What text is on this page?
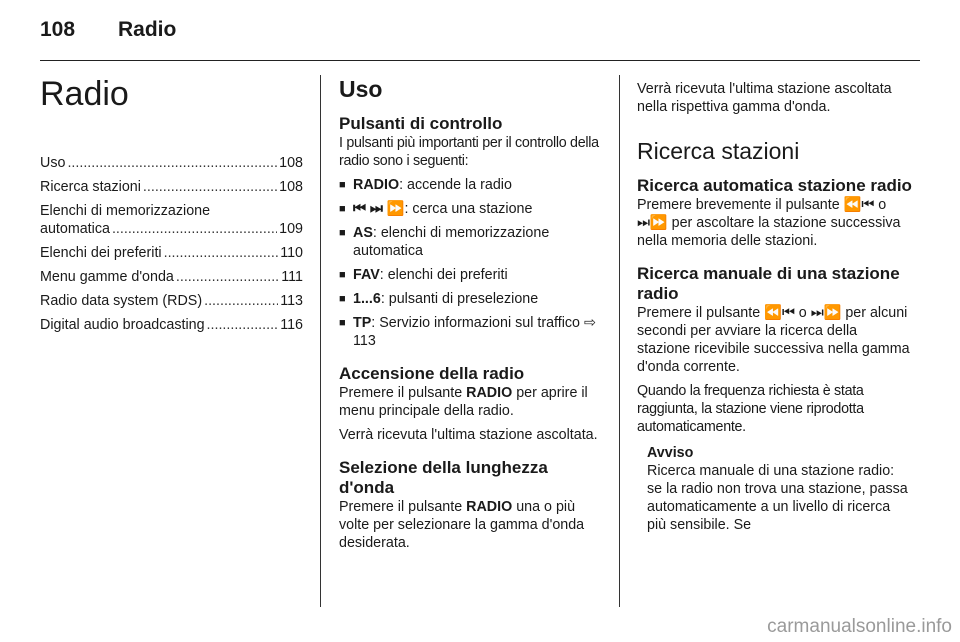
108 Radio
Radio
Uso .....	108
Ricerca stazioni .....	108
Elenchi di memorizzazione
automatica .....	109
Elenchi dei preferiti .....	110
Menu gamme d'onda .....	111
Radio data system (RDS) .....	113
Digital audio broadcasting .....	116
Uso
Pulsanti di controllo

I pulsanti più importanti per il controllo della radio sono i seguenti:

■ RADIO: accende la radio
■ ⏮ ⏭ ⏩: cerca una stazione
■ AS: elenchi di memorizzazione automatica
■ FAV: elenchi dei preferiti
■ 1...6: pulsanti di preselezione
■ TP: Servizio informazioni sul traffico ⇨ 113
Accensione della radio

Premere il pulsante RADIO per aprire il menu principale della radio.

Verrà ricevuta l'ultima stazione ascoltata.

Selezione della lunghezza d'onda

Premere il pulsante RADIO una o più volte per selezionare la gamma d'onda desiderata.

Verrà ricevuta l'ultima stazione ascoltata nella rispettiva gamma d'onda.

Ricerca stazioni
Ricerca automatica stazione radio

Premere brevemente il pulsante ⏪⏮ o ⏭⏩ per ascoltare la stazione successiva nella memoria delle stazioni.

Ricerca manuale di una stazione radio

Premere il pulsante ⏪⏮ o ⏭⏩ per alcuni secondi per avviare la ricerca della stazione ricevibile successiva nella gamma d'onda corrente.

Quando la frequenza richiesta è stata raggiunta, la stazione viene riprodotta automaticamente.

Avviso
Ricerca manuale di una stazione radio: se la radio non trova una stazione, passa automaticamente a un livello di ricerca più sensibile. Se
carmanualsonline.info
